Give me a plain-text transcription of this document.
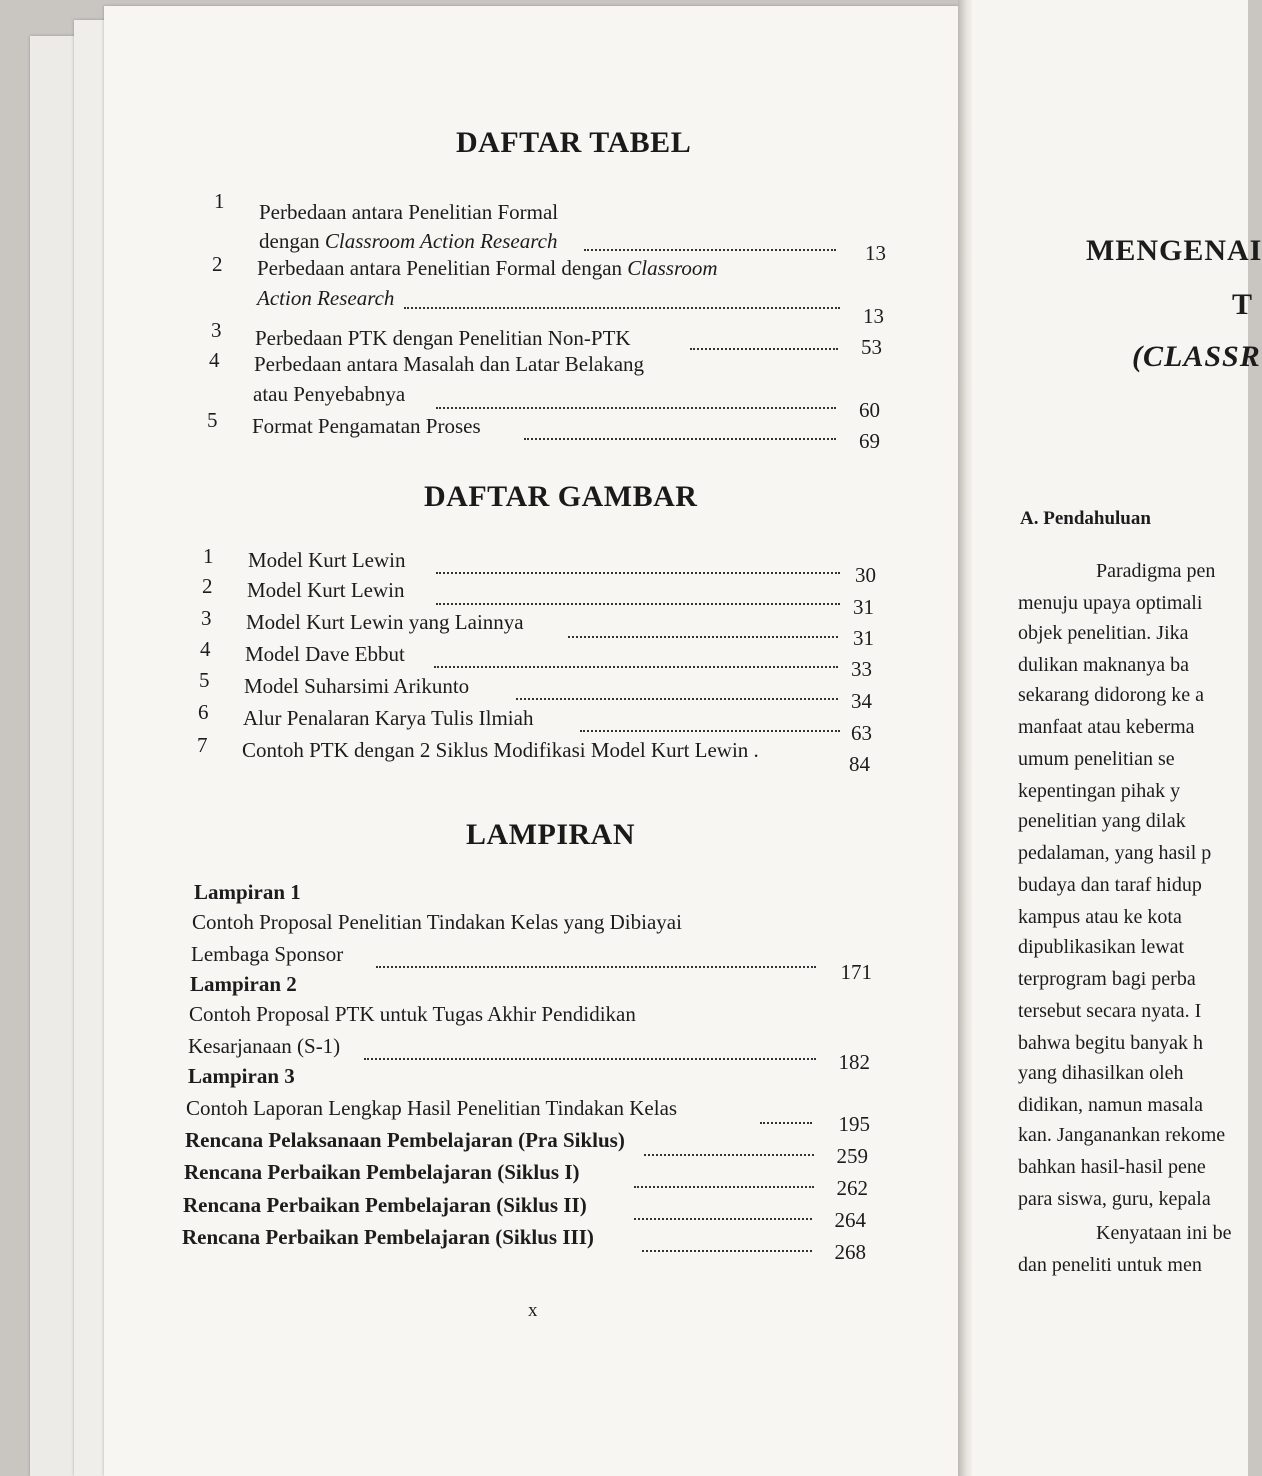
DAFTAR TABEL
1 Perbedaan antara Penelitian Formal
dengan Classroom Action Research	13
2 Perbedaan antara Penelitian Formal dengan Classroom
Action Research
13
3 Perbedaan PTK dengan Penelitian Non-PTK	53
4 Perbedaan antara Masalah dan Latar Belakang
atau Penyebabnya
60
5 Format Pengamatan Proses
69
DAFTAR GAMBAR
1 Model Kurt Lewin
30
2 Model Kurt Lewin
31
3 Model Kurt Lewin yang Lainnya
31
4 Model Dave Ebbut
33
5 Model Suharsimi Arikunto
34
6 Alur Penalaran Karya Tulis Ilmiah
63
7 Contoh PTK dengan 2 Siklus Modifikasi Model Kurt Lewin .
84
LAMPIRAN
Lampiran 1
Contoh Proposal Penelitian Tindakan Kelas yang Dibiayai
Lembaga Sponsor
171
Lampiran 2
Contoh Proposal PTK untuk Tugas Akhir Pendidikan
Kesarjanaan (S-1)
182
Lampiran 3
Contoh Laporan Lengkap Hasil Penelitian Tindakan Kelas
195
Rencana Pelaksanaan Pembelajaran (Pra Siklus)
259
Rencana Perbaikan Pembelajaran (Siklus I)
262
Rencana Perbaikan Pembelajaran (Siklus II)
264
Rencana Perbaikan Pembelajaran (Siklus III)
268
x
MENGENAI
T
(CLASSR
A. Pendahuluan
Paradigma pen
menuju upaya optimali
objek penelitian. Jika
dulikan maknanya ba
sekarang didorong ke a
manfaat atau keberma
umum penelitian se
kepentingan pihak y
penelitian yang dilak
pedalaman, yang hasil p
budaya dan taraf hidup
kampus atau ke kota
dipublikasikan lewat
terprogram bagi perba
tersebut secara nyata. I
bahwa begitu banyak h
yang dihasilkan oleh
didikan, namun masala
kan. Janganankan rekome
bahkan hasil-hasil pene
para siswa, guru, kepala
Kenyataan ini be
dan peneliti untuk men
